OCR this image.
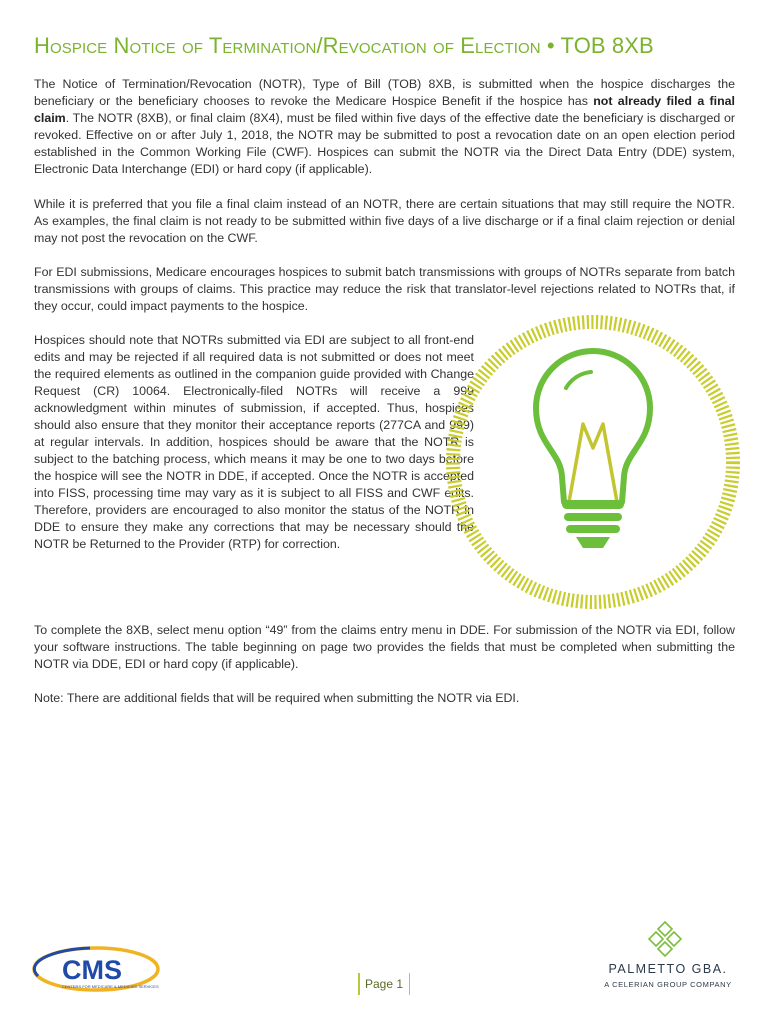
Hospice Notice of Termination/Revocation of Election • TOB 8XB

The Notice of Termination/Revocation (NOTR), Type of Bill (TOB) 8XB, is submitted when the hospice discharges the beneficiary or the beneficiary chooses to revoke the Medicare Hospice Benefit if the hospice has not already filed a final claim. The NOTR (8XB), or final claim (8X4), must be filed within five days of the effective date the beneficiary is discharged or revoked. Effective on or after July 1, 2018, the NOTR may be submitted to post a revocation date on an open election period established in the Common Working File (CWF). Hospices can submit the NOTR via the Direct Data Entry (DDE) system, Electronic Data Interchange (EDI) or hard copy (if applicable).

While it is preferred that you file a final claim instead of an NOTR, there are certain situations that may still require the NOTR. As examples, the final claim is not ready to be submitted within five days of a live discharge or if a final claim rejection or denial may not post the revocation on the CWF.

For EDI submissions, Medicare encourages hospices to submit batch transmissions with groups of NOTRs separate from batch transmissions with groups of claims. This practice may reduce the risk that translator-level rejections related to NOTRs that, if they occur, could impact payments to the hospice.

Hospices should note that NOTRs submitted via EDI are subject to all front-end edits and may be rejected if all required data is not submitted or does not meet the required elements as outlined in the companion guide provided with Change Request (CR) 10064. Electronically-filed NOTRs will receive a 999 acknowledgment within minutes of submission, if accepted. Thus, hospices should also ensure that they monitor their acceptance reports (277CA and 999) at regular intervals. In addition, hospices should be aware that the NOTR is subject to the batching process, which means it may be one to two days before the hospice will see the NOTR in DDE, if accepted. Once the NOTR is accepted into FISS, processing time may vary as it is subject to all FISS and CWF edits. Therefore, providers are encouraged to also monitor the status of the NOTR in DDE to ensure they make any corrections that may be necessary should the NOTR be Returned to the Provider (RTP) for correction.

To complete the 8XB, select menu option “49” from the claims entry menu in DDE. For submission of the NOTR via EDI, follow your software instructions. The table beginning on page two provides the fields that must be completed when submitting the NOTR via DDE, EDI or hard copy (if applicable).

Note: There are additional fields that will be required when submitting the NOTR via EDI.

CMS
CENTERS FOR MEDICARE & MEDICAID SERVICES	Page 1
PALMETTO GBA.
A CELERIAN GROUP COMPANY
